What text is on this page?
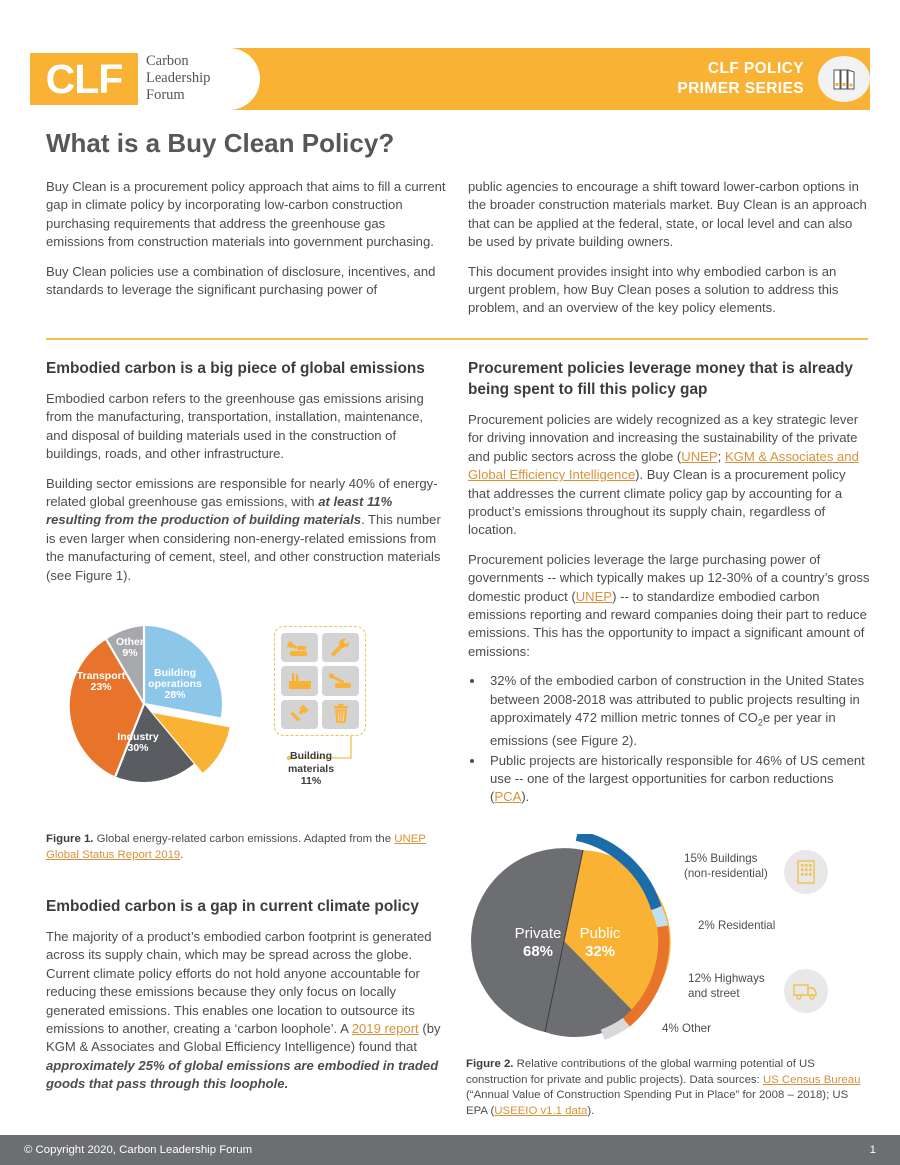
CLF Carbon
Leadership
Forum
CLF POLICY
PRIMER SERIES
What is a Buy Clean Policy?

Buy Clean is a procurement policy approach that aims to fill a current gap in climate policy by incorporating low-carbon construction purchasing requirements that address the greenhouse gas emissions from construction materials into government purchasing.

Buy Clean policies use a combination of disclosure, incentives, and standards to leverage the significant purchasing power of

public agencies to encourage a shift toward lower-carbon options in the broader construction materials market. Buy Clean is an approach that can be applied at the federal, state, or local level and can also be used by private building owners.

This document provides insight into why embodied carbon is an urgent problem, how Buy Clean poses a solution to address this problem, and an overview of the key policy elements.

Embodied carbon is a big piece of global emissions

Embodied carbon refers to the greenhouse gas emissions arising from the manufacturing, transportation, installation, maintenance, and disposal of building materials used in the construction of buildings, roads, and other infrastructure.

Building sector emissions are responsible for nearly 40% of energy-related global greenhouse gas emissions, with at least 11% resulting from the production of building materials. This number is even larger when considering non-energy-related emissions from the manufacturing of cement, steel, and other construction materials (see Figure 1).

Procurement policies leverage money that is already being spent to fill this policy gap

Procurement policies are widely recognized as a key strategic lever for driving innovation and increasing the sustainability of the private and public sectors across the globe (UNEP; KGM & Associates and Global Efficiency Intelligence). Buy Clean is a procurement policy that addresses the current climate policy gap by accounting for a product’s emissions throughout its supply chain, regardless of location.

Procurement policies leverage the large purchasing power of governments -- which typically makes up 12-30% of a country’s gross domestic product (UNEP) -- to standardize embodied carbon emissions reporting and reward companies doing their part to reduce emissions. This has the opportunity to impact a significant amount of emissions:

• 32% of the embodied carbon of construction in the United States between 2008-2018 was attributed to public projects resulting in approximately 472 million metric tonnes of $CO_2e$ per year in emissions (see Figure 2).
• Public projects are historically responsible for 46% of US cement use -- one of the largest opportunities for carbon reductions (PCA).
Building
operations
28%
Industry
30%
Transport
23%
Other
9%
Building
materials
11%

Figure 1. Global energy-related carbon emissions. Adapted from the UNEP Global Status Report 2019.

Embodied carbon is a gap in current climate policy

The majority of a product’s embodied carbon footprint is generated across its supply chain, which may be spread across the globe. Current climate policy efforts do not hold anyone accountable for reducing these emissions because they only focus on locally generated emissions. This enables one location to outsource its emissions to another, creating a ‘carbon loophole’. A 2019 report (by KGM & Associates and Global Efficiency Intelligence) found that approximately 25% of global emissions are embodied in traded goods that pass through this loophole.

Private
68%
Public
32%
15% Buildings
(non-residential)
2% Residential
12% Highways
and street
4% Other

Figure 2. Relative contributions of the global warming potential of US construction for private and public projects). Data sources: US Census Bureau (“Annual Value of Construction Spending Put in Place” for 2008 – 2018); US EPA (USEEIO v1.1 data).

© Copyright 2020, Carbon Leadership Forum	1
